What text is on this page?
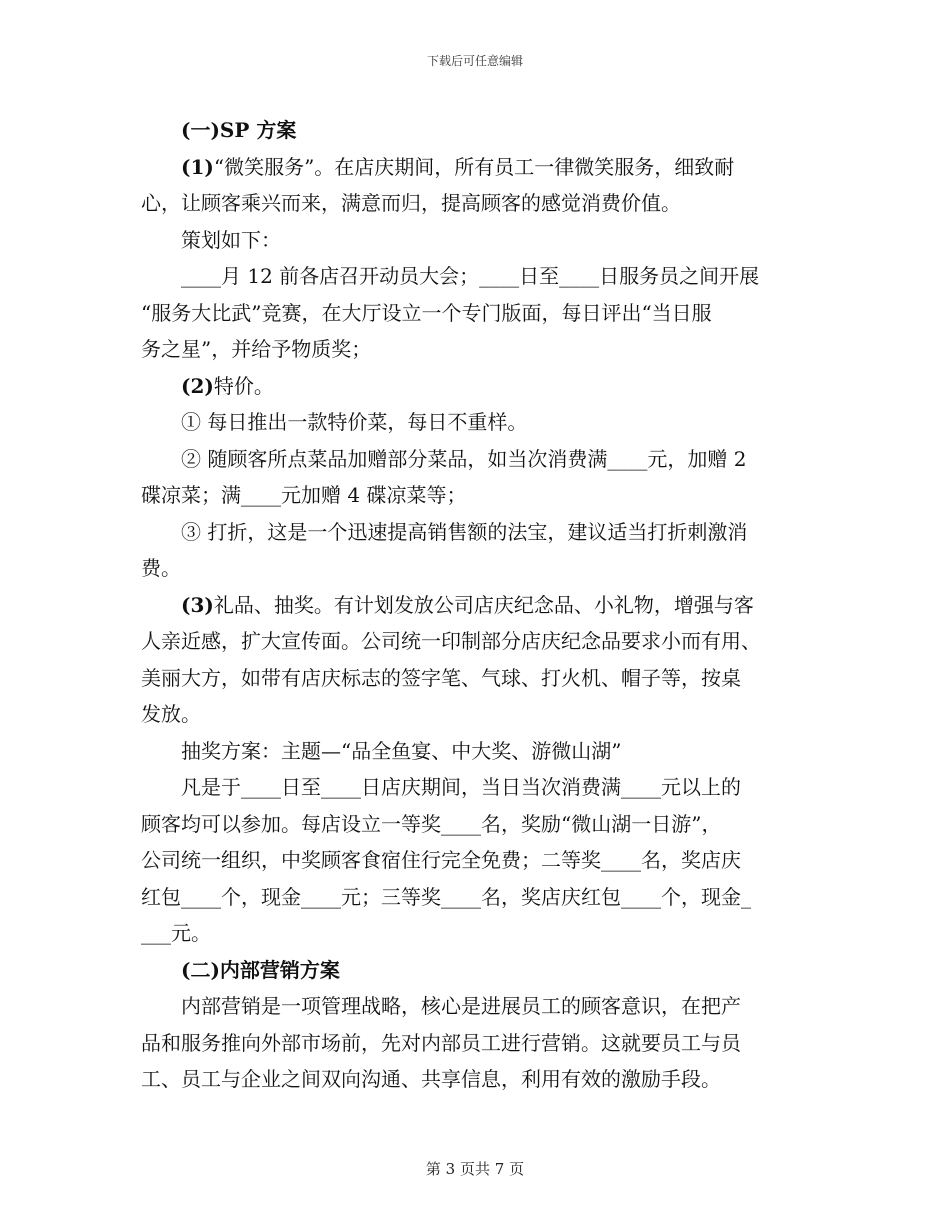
下载后可任意编辑

(一)SP 方案

(1)“微笑服务”。在店庆期间，所有员工一律微笑服务，细致耐
心，让顾客乘兴而来，满意而归，提高顾客的感觉消费价值。

策划如下：

____月 12 前各店召开动员大会；____日至____日服务员之间开展
“服务大比武”竞赛，在大厅设立一个专门版面，每日评出“当日服
务之星”，并给予物质奖；

(2)特价。

① 每日推出一款特价菜，每日不重样。

② 随顾客所点菜品加赠部分菜品，如当次消费满____元，加赠 2
碟凉菜；满____元加赠 4 碟凉菜等；

③ 打折，这是一个迅速提高销售额的法宝，建议适当打折刺激消
费。

(3)礼品、抽奖。有计划发放公司店庆纪念品、小礼物，增强与客
人亲近感，扩大宣传面。公司统一印制部分店庆纪念品要求小而有用、
美丽大方，如带有店庆标志的签字笔、气球、打火机、帽子等，按桌
发放。

抽奖方案：主题—“品全鱼宴、中大奖、游微山湖”

凡是于____日至____日店庆期间，当日当次消费满____元以上的
顾客均可以参加。每店设立一等奖____名，奖励“微山湖一日游”，
公司统一组织，中奖顾客食宿住行完全免费；二等奖____名，奖店庆
红包____个，现金____元；三等奖____名，奖店庆红包____个，现金_
___元。

(二)内部营销方案

内部营销是一项管理战略，核心是进展员工的顾客意识，在把产
品和服务推向外部市场前，先对内部员工进行营销。这就要员工与员
工、员工与企业之间双向沟通、共享信息，利用有效的激励手段。

第 3 页共 7 页
